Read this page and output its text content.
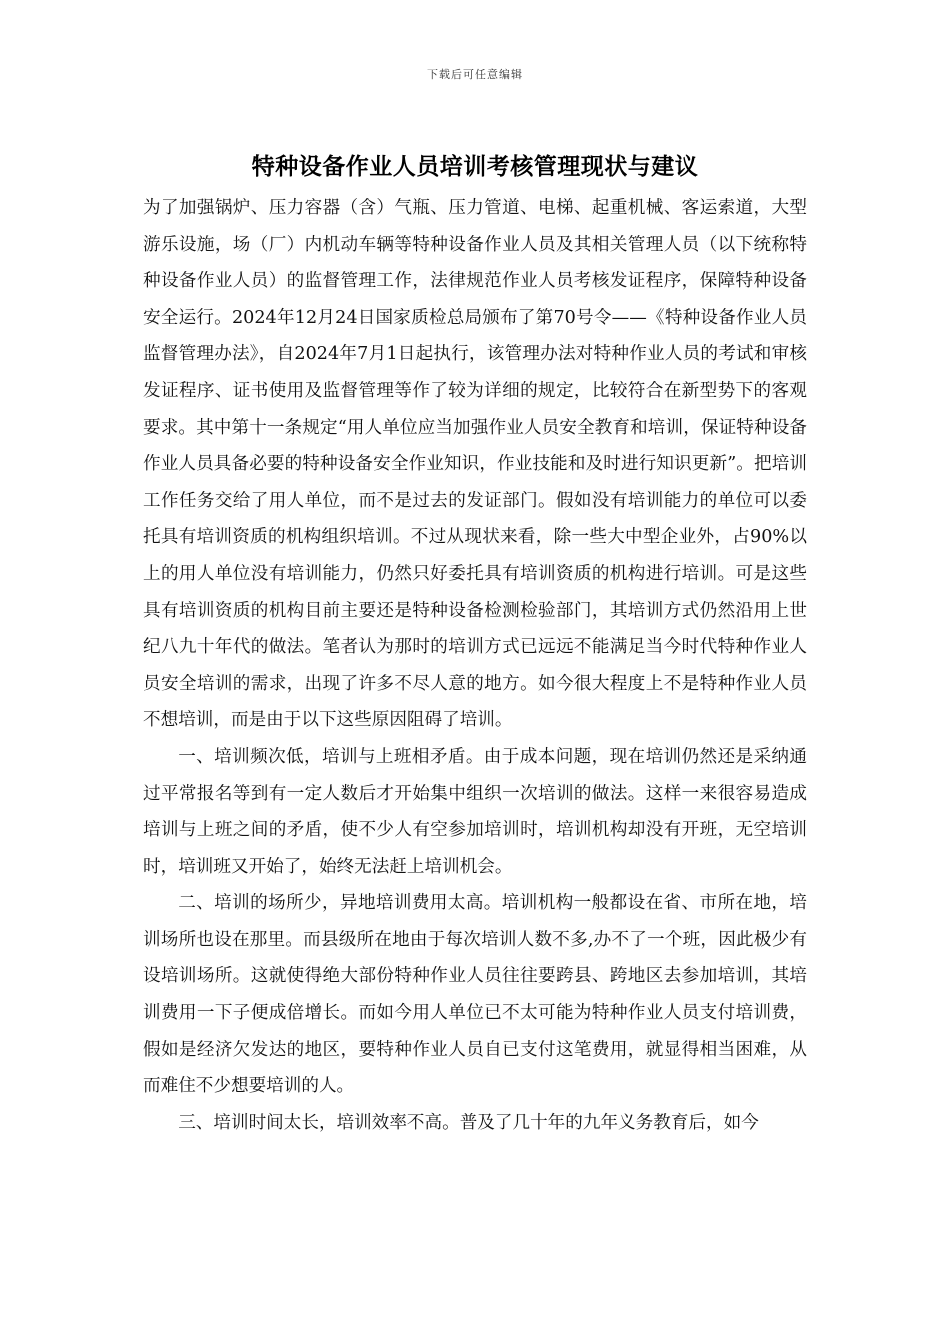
下载后可任意编辑
特种设备作业人员培训考核管理现状与建议

为了加强锅炉、压力容器（含）气瓶、压力管道、电梯、起重机械、客运索道，大型游乐设施，场（厂）内机动车辆等特种设备作业人员及其相关管理人员（以下统称特种设备作业人员）的监督管理工作，法律规范作业人员考核发证程序，保障特种设备安全运行。2024年12月24日国家质检总局颁布了第70号令——《特种设备作业人员监督管理办法》，自2024年7月1日起执行，该管理办法对特种作业人员的考试和审核发证程序、证书使用及监督管理等作了较为详细的规定，比较符合在新型势下的客观要求。其中第十一条规定“用人单位应当加强作业人员安全教育和培训，保证特种设备作业人员具备必要的特种设备安全作业知识，作业技能和及时进行知识更新”。把培训工作任务交给了用人单位，而不是过去的发证部门。假如没有培训能力的单位可以委托具有培训资质的机构组织培训。不过从现状来看，除一些大中型企业外，占90%以上的用人单位没有培训能力，仍然只好委托具有培训资质的机构进行培训。可是这些具有培训资质的机构目前主要还是特种设备检测检验部门，其培训方式仍然沿用上世纪八九十年代的做法。笔者认为那时的培训方式已远远不能满足当今时代特种作业人员安全培训的需求，出现了许多不尽人意的地方。如今很大程度上不是特种作业人员不想培训，而是由于以下这些原因阻碍了培训。

一、培训频次低，培训与上班相矛盾。由于成本问题，现在培训仍然还是采纳通过平常报名等到有一定人数后才开始集中组织一次培训的做法。这样一来很容易造成培训与上班之间的矛盾，使不少人有空参加培训时，培训机构却没有开班，无空培训时，培训班又开始了，始终无法赶上培训机会。

二、培训的场所少，异地培训费用太高。培训机构一般都设在省、市所在地，培训场所也设在那里。而县级所在地由于每次培训人数不多,办不了一个班，因此极少有设培训场所。这就使得绝大部份特种作业人员往往要跨县、跨地区去参加培训，其培训费用一下子便成倍增长。而如今用人单位已不太可能为特种作业人员支付培训费，假如是经济欠发达的地区，要特种作业人员自已支付这笔费用，就显得相当困难，从而难住不少想要培训的人。

三、培训时间太长，培训效率不高。普及了几十年的九年义务教育后，如今
